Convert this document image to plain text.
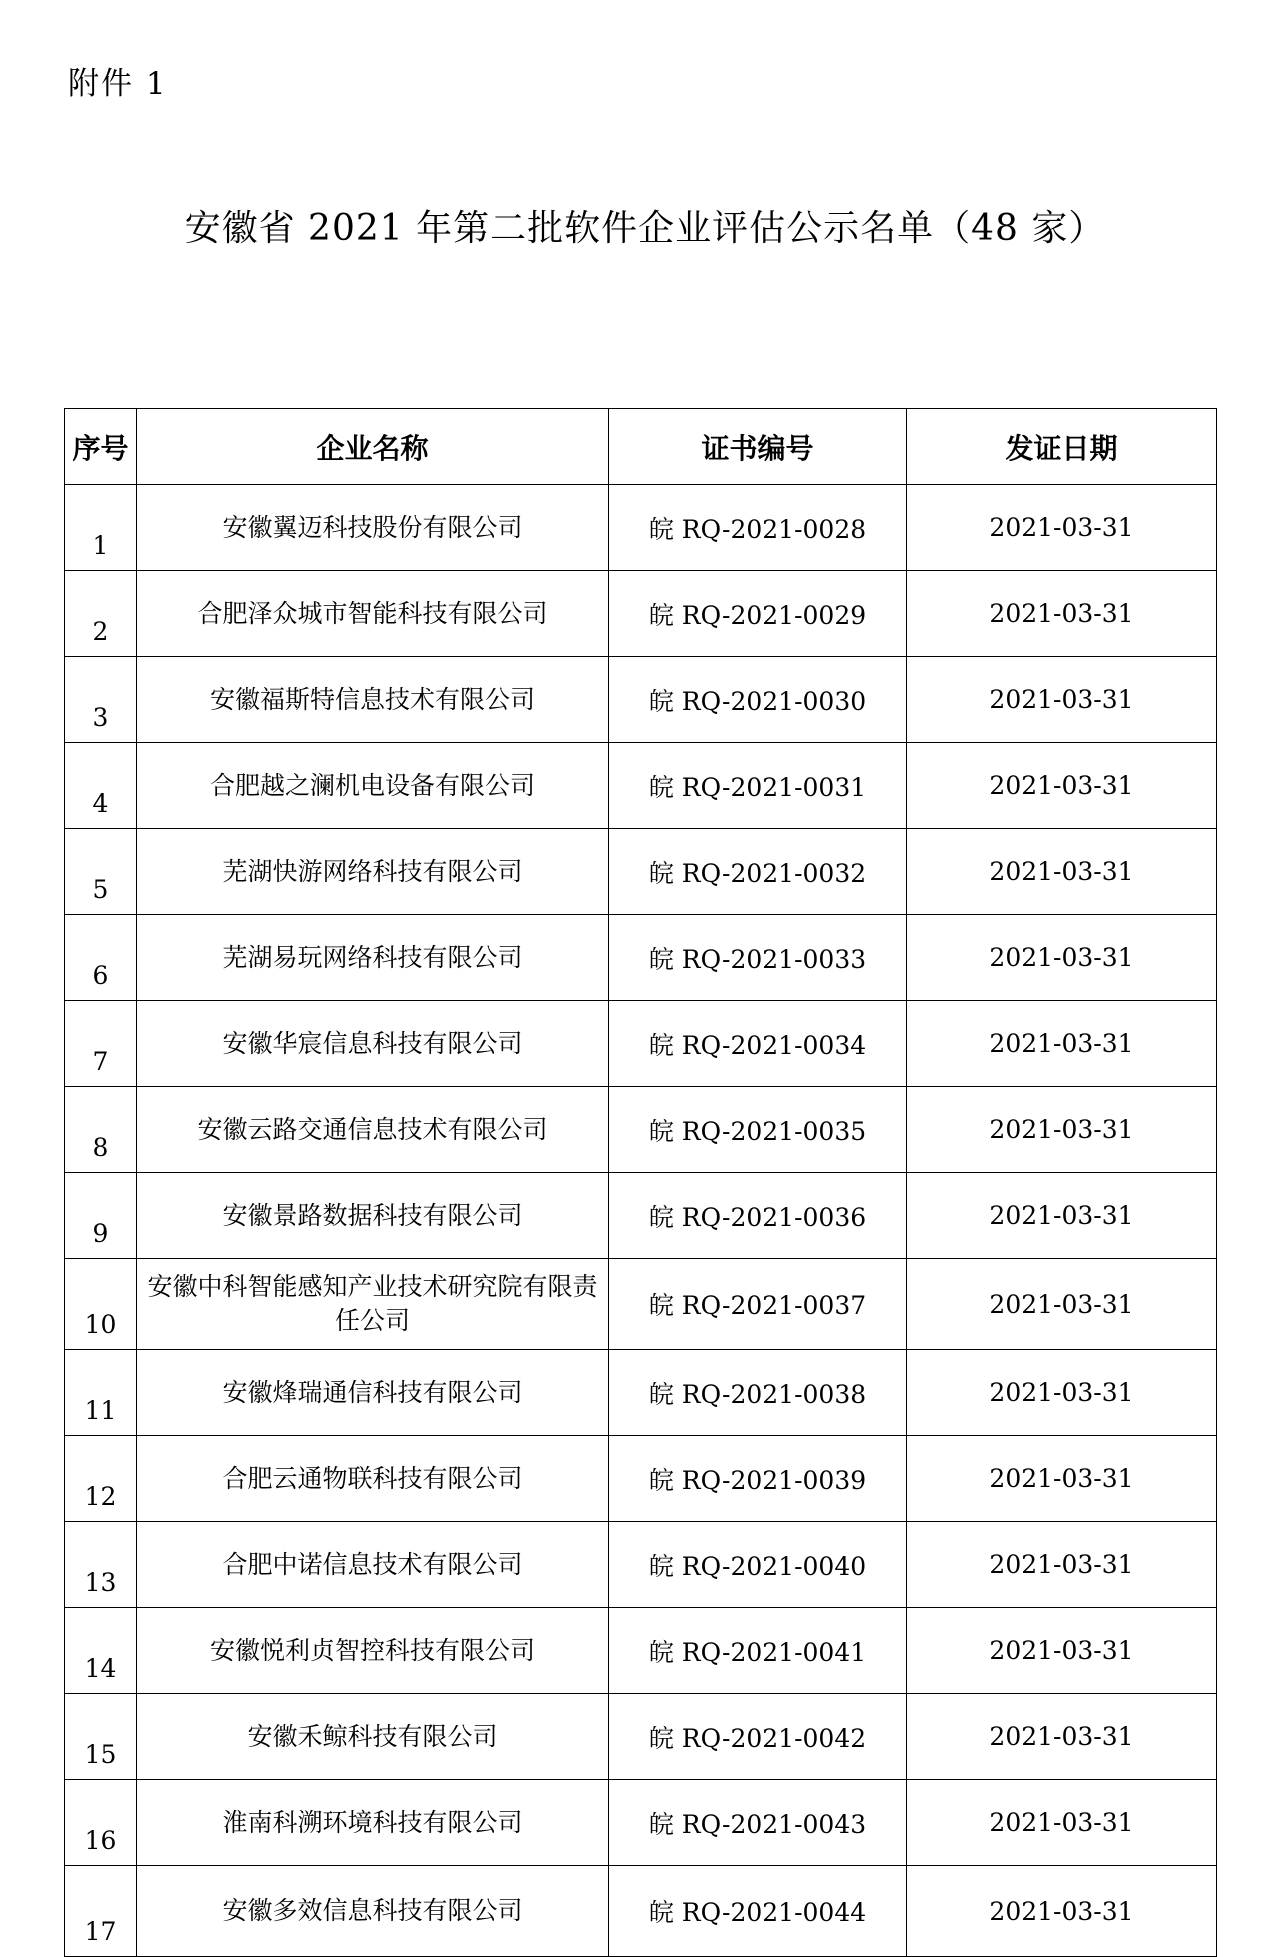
附件 1
安徽省 2021 年第二批软件企业评估公示名单（48 家）
序号	企业名称	证书编号	发证日期
1	安徽翼迈科技股份有限公司	皖 RQ-2021-0028	2021-03-31
2	合肥泽众城市智能科技有限公司	皖 RQ-2021-0029	2021-03-31
3	安徽福斯特信息技术有限公司	皖 RQ-2021-0030	2021-03-31
4	合肥越之澜机电设备有限公司	皖 RQ-2021-0031	2021-03-31
5	芜湖快游网络科技有限公司	皖 RQ-2021-0032	2021-03-31
6	芜湖易玩网络科技有限公司	皖 RQ-2021-0033	2021-03-31
7	安徽华宸信息科技有限公司	皖 RQ-2021-0034	2021-03-31
8	安徽云路交通信息技术有限公司	皖 RQ-2021-0035	2021-03-31
9	安徽景路数据科技有限公司	皖 RQ-2021-0036	2021-03-31
10	安徽中科智能感知产业技术研究院有限责任公司	皖 RQ-2021-0037	2021-03-31
11	安徽烽瑞通信科技有限公司	皖 RQ-2021-0038	2021-03-31
12	合肥云通物联科技有限公司	皖 RQ-2021-0039	2021-03-31
13	合肥中诺信息技术有限公司	皖 RQ-2021-0040	2021-03-31
14	安徽悦利贞智控科技有限公司	皖 RQ-2021-0041	2021-03-31
15	安徽禾鲸科技有限公司	皖 RQ-2021-0042	2021-03-31
16	淮南科溯环境科技有限公司	皖 RQ-2021-0043	2021-03-31
17	安徽多效信息科技有限公司	皖 RQ-2021-0044	2021-03-31
